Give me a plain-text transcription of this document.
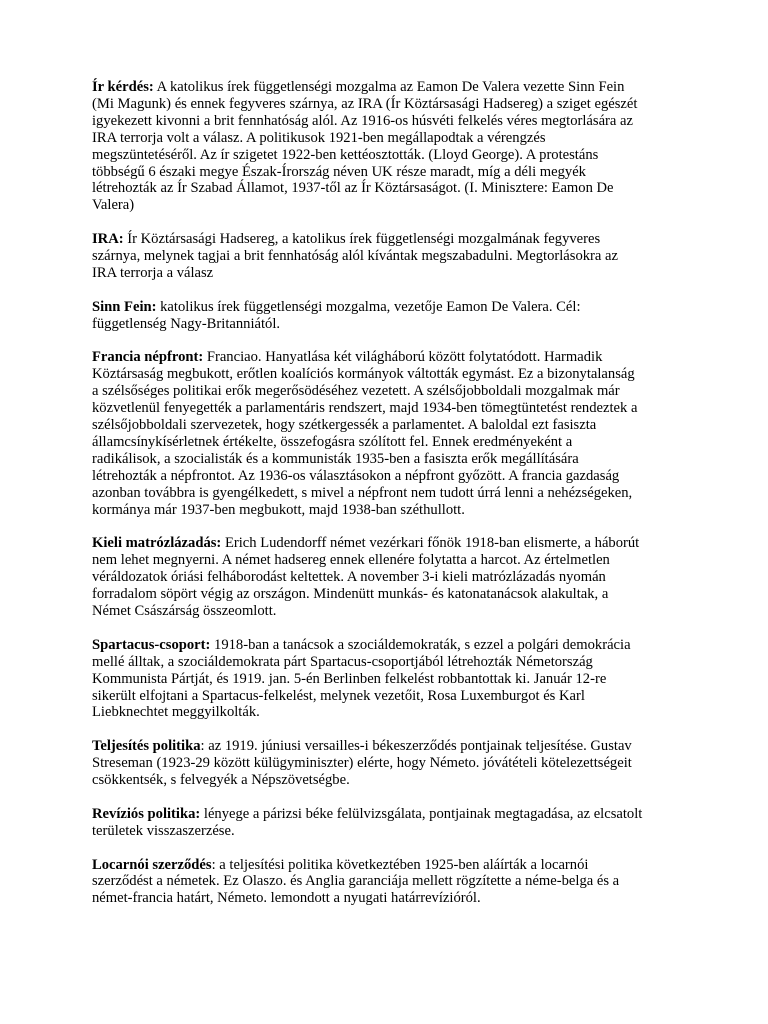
Ír kérdés: A katolikus írek függetlenségi mozgalma az Eamon De Valera vezette Sinn Fein
(Mi Magunk) és ennek fegyveres szárnya, az IRA (Ír Köztársasági Hadsereg) a sziget egészét
igyekezett kivonni a brit fennhatóság alól. Az 1916-os húsvéti felkelés véres megtorlására az
IRA terrorja volt a válasz. A politikusok 1921-ben megállapodtak a vérengzés
megszüntetéséről. Az ír szigetet 1922-ben kettéosztották. (Lloyd George). A protestáns
többségű 6 északi megye Észak-Írország néven UK része maradt, míg a déli megyék
létrehozták az Ír Szabad Államot, 1937-től az Ír Köztársaságot. (I. Minisztere: Eamon De
Valera)
IRA: Ír Köztársasági Hadsereg, a katolikus írek függetlenségi mozgalmának fegyveres
szárnya, melynek tagjai a brit fennhatóság alól kívántak megszabadulni. Megtorlásokra az
IRA terrorja a válasz
Sinn Fein: katolikus írek függetlenségi mozgalma, vezetője Eamon De Valera. Cél:
függetlenség Nagy-Britanniától.
Francia népfront: Franciao. Hanyatlása két világháború között folytatódott. Harmadik
Köztársaság megbukott, erőtlen koalíciós kormányok váltották egymást. Ez a bizonytalanság
a szélsőséges politikai erők megerősödéséhez vezetett. A szélsőjobboldali mozgalmak már
közvetlenül fenyegették a parlamentáris rendszert, majd 1934-ben tömegtüntetést rendeztek a
szélsőjobboldali szervezetek, hogy szétkergessék a parlamentet. A baloldal ezt fasiszta
államcsínykísérletnek értékelte, összefogásra szólított fel. Ennek eredményeként a
radikálisok, a szocialisták és a kommunisták 1935-ben a fasiszta erők megállítására
létrehozták a népfrontot. Az 1936-os választásokon a népfront győzött. A francia gazdaság
azonban továbbra is gyengélkedett, s mivel a népfront nem tudott úrrá lenni a nehézségeken,
kormánya már 1937-ben megbukott, majd 1938-ban széthullott.
Kieli matrózlázadás: Erich Ludendorff német vezérkari főnök 1918-ban elismerte, a háborút
nem lehet megnyerni. A német hadsereg ennek ellenére folytatta a harcot. Az értelmetlen
véráldozatok óriási felháborodást keltettek. A november 3-i kieli matrózlázadás nyomán
forradalom söpört végig az országon. Mindenütt munkás- és katonatanácsok alakultak, a
Német Császárság összeomlott.
Spartacus-csoport: 1918-ban a tanácsok a szociáldemokraták, s ezzel a polgári demokrácia
mellé álltak, a szociáldemokrata párt Spartacus-csoportjából létrehozták Németország
Kommunista Pártját, és 1919. jan. 5-én Berlinben felkelést robbantottak ki. Január 12-re
sikerült elfojtani a Spartacus-felkelést, melynek vezetőit, Rosa Luxemburgot és Karl
Liebknechtet meggyilkolták.
Teljesítés politika: az 1919. júniusi versailles-i békeszerződés pontjainak teljesítése. Gustav
Streseman (1923-29 között külügyminiszter) elérte, hogy Németo. jóvátételi kötelezettségeit
csökkentsék, s felvegyék a Népszövetségbe.
Revíziós politika: lényege a párizsi béke felülvizsgálata, pontjainak megtagadása, az elcsatolt
területek visszaszerzése.
Locarnói szerződés: a teljesítési politika következtében 1925-ben aláírták a locarnói
szerződést a németek. Ez Olaszo. és Anglia garanciája mellett rögzítette a néme-belga és a
német-francia határt, Németo. lemondott a nyugati határrevízióról.
